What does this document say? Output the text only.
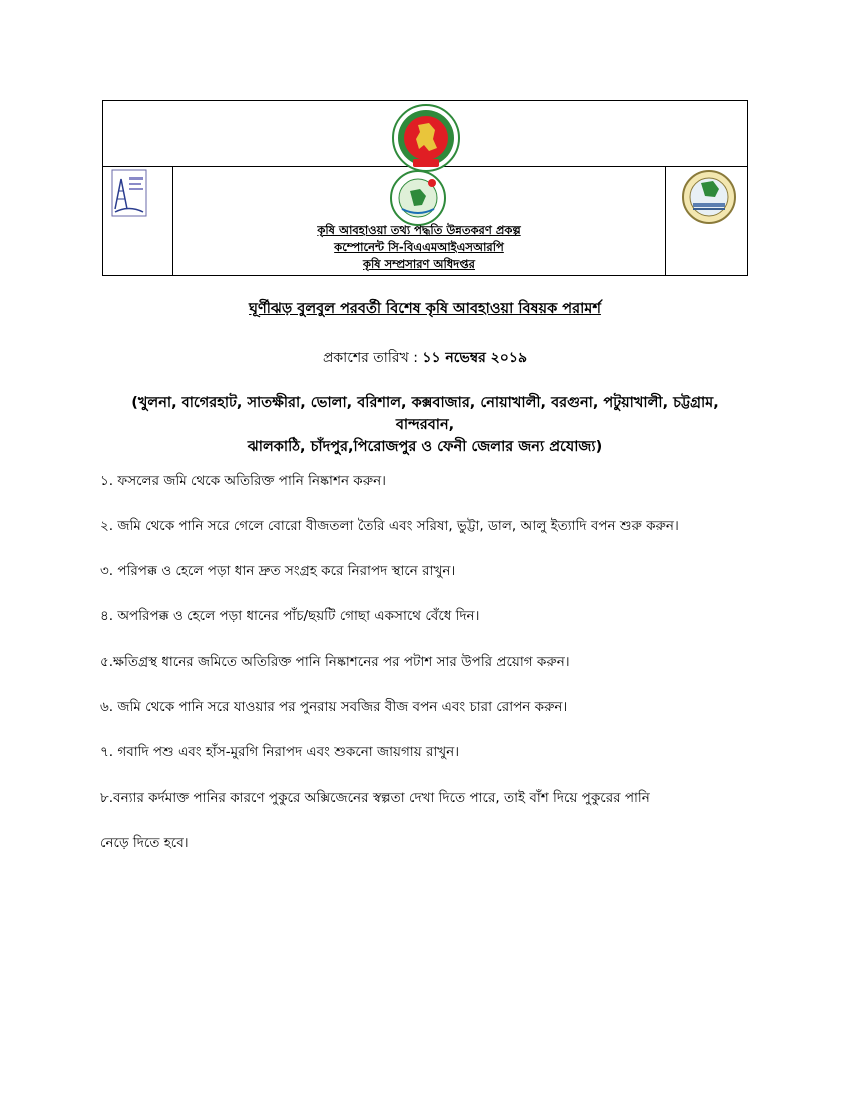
কৃষি আবহাওয়া তথ্য পদ্ধতি উন্নতকরণ প্রকল্প
কম্পোনেন্ট সি-বিএএমআইএসআরপি
কৃষি সম্প্রসারণ অধিদপ্তর
ঘূর্ণীঝড় বুলবুল পরবর্তী বিশেষ কৃষি আবহাওয়া বিষয়ক পরামর্শ
প্রকাশের তারিখ : ১১ নভেম্বর ২০১৯
(খুলনা, বাগেরহাট, সাতক্ষীরা, ভোলা, বরিশাল, কক্সবাজার, নোয়াখালী, বরগুনা, পটুয়াখালী, চট্টগ্রাম, বান্দরবান,
ঝালকাঠি, চাঁদপুর,পিরোজপুর ও ফেনী জেলার জন্য প্রযোজ্য)
১. ফসলের জমি থেকে অতিরিক্ত পানি নিষ্কাশন করুন।
২. জমি থেকে পানি সরে গেলে বোরো বীজতলা তৈরি এবং সরিষা, ভুট্টা, ডাল, আলু ইত্যাদি বপন শুরু করুন।
৩. পরিপক্ক ও হেলে পড়া ধান দ্রুত সংগ্রহ করে নিরাপদ স্থানে রাখুন।
৪. অপরিপক্ক ও হেলে পড়া ধানের পাঁচ/ছয়টি গোছা একসাথে বেঁধে দিন।
৫.ক্ষতিগ্রস্থ ধানের জমিতে অতিরিক্ত পানি নিষ্কাশনের পর পটাশ সার উপরি প্রয়োগ করুন।
৬. জমি থেকে পানি সরে যাওয়ার পর পুনরায় সবজির বীজ বপন এবং চারা রোপন করুন।
৭. গবাদি পশু এবং হাঁস-মুরগি নিরাপদ এবং শুকনো জায়গায় রাখুন।
৮.বন্যার কর্দমাক্ত পানির কারণে পুকুরে অক্সিজেনের স্বল্পতা দেখা দিতে পারে, তাই বাঁশ দিয়ে পুকুরের পানি
নেড়ে দিতে হবে।
